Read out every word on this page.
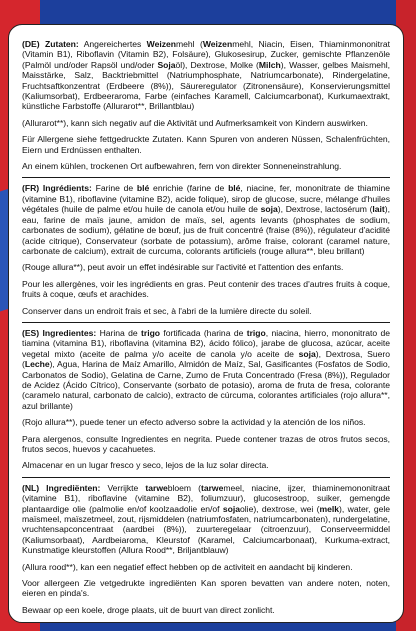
(DE) Zutaten: Angereichertes Weizenmehl (Weizenmehl, Niacin, Eisen, Thiaminmononitrat (Vitamin B1), Riboflavin (Vitamin B2), Folsäure), Glukosesirup, Zucker, gemischte Pflanzenöle (Palmöl und/oder Rapsöl und/oder Sojaöl), Dextrose, Molke (Milch), Wasser, gelbes Maismehl, Maisstärke, Salz, Backtriebmittel (Natriumphosphate, Natriumcarbonate), Rindergelatine, Fruchtsaftkonzentrat (Erdbeere (8%)), Säureregulator (Zitronensäure), Konservierungsmittel (Kaliumsorbat), Erdbeeraroma, Farbe (einfaches Karamell, Calciumcarbonat), Kurkumaextrakt, künstliche Farbstoffe (Allurarot**, Brillantblau)

(Allurarot**), kann sich negativ auf die Aktivität und Aufmerksamkeit von Kindern auswirken.

Für Allergene siehe fettgedruckte Zutaten. Kann Spuren von anderen Nüssen, Schalenfrüchten, Eiern und Erdnüssen enthalten.

An einem kühlen, trockenen Ort aufbewahren, fern von direkter Sonneneinstrahlung.

(FR) Ingrédients: Farine de blé enrichie (farine de blé, niacine, fer, mononitrate de thiamine (vitamine B1), riboflavine (vitamine B2), acide folique), sirop de glucose, sucre, mélange d'huiles végétales (huile de palme et/ou huile de canola et/ou huile de soja), Dextrose, lactosérum (lait), eau, farine de maïs jaune, amidon de maïs, sel, agents levants (phosphates de sodium, carbonates de sodium), gélatine de bœuf, jus de fruit concentré (fraise (8%)), régulateur d'acidité (acide citrique), Conservateur (sorbate de potassium), arôme fraise, colorant (caramel nature, carbonate de calcium), extrait de curcuma, colorants artificiels (rouge allura**, bleu brillant)

(Rouge allura**), peut avoir un effet indésirable sur l'activité et l'attention des enfants.

Pour les allergènes, voir les ingrédients en gras. Peut contenir des traces d'autres fruits à coque, fruits à coque, œufs et arachides.

Conserver dans un endroit frais et sec, à l'abri de la lumière directe du soleil.

(ES) Ingredientes: Harina de trigo fortificada (harina de trigo, niacina, hierro, mononitrato de tiamina (vitamina B1), riboflavina (vitamina B2), ácido fólico), jarabe de glucosa, azúcar, aceite vegetal mixto (aceite de palma y/o aceite de canola y/o aceite de soja), Dextrosa, Suero (Leche), Agua, Harina de Maíz Amarillo, Almidón de Maíz, Sal, Gasificantes (Fosfatos de Sodio, Carbonatos de Sodio), Gelatina de Carne, Zumo de Fruta Concentrado (Fresa (8%)), Regulador de Acidez (Ácido Cítrico), Conservante (sorbato de potasio), aroma de fruta de fresa, colorante (caramelo natural, carbonato de calcio), extracto de cúrcuma, colorantes artificiales (rojo allura**, azul brillante)

(Rojo allura**), puede tener un efecto adverso sobre la actividad y la atención de los niños.

Para alergenos, consulte Ingredientes en negrita. Puede contener trazas de otros frutos secos, frutos secos, huevos y cacahuetes.

Almacenar en un lugar fresco y seco, lejos de la luz solar directa.

(NL) Ingrediënten: Verrijkte tarwebloem (tarwemeel, niacine, ijzer, thiaminemononitraat (vitamine B1), riboflavine (vitamine B2), foliumzuur), glucosestroop, suiker, gemengde plantaardige olie (palmolie en/of koolzaadolie en/of sojaolie), dextrose, wei (melk), water, gele maïsmeel, maïszetmeel, zout, rijsmiddelen (natriumfosfaten, natriumcarbonaten), rundergelatine, vruchtensapconcentraat (aardbei (8%)), zuurteregelaar (citroenzuur), Conserveermiddel (Kaliumsorbaat), Aardbeiaroma, Kleurstof (Karamel, Calciumcarbonaat), Kurkuma-extract, Kunstmatige kleurstoffen (Allura Rood**, Briljantblauw)

(Allura rood**), kan een negatief effect hebben op de activiteit en aandacht bij kinderen.

Voor allergeen Zie vetgedrukte ingrediënten Kan sporen bevatten van andere noten, noten, eieren en pinda's.

Bewaar op een koele, droge plaats, uit de buurt van direct zonlicht.
